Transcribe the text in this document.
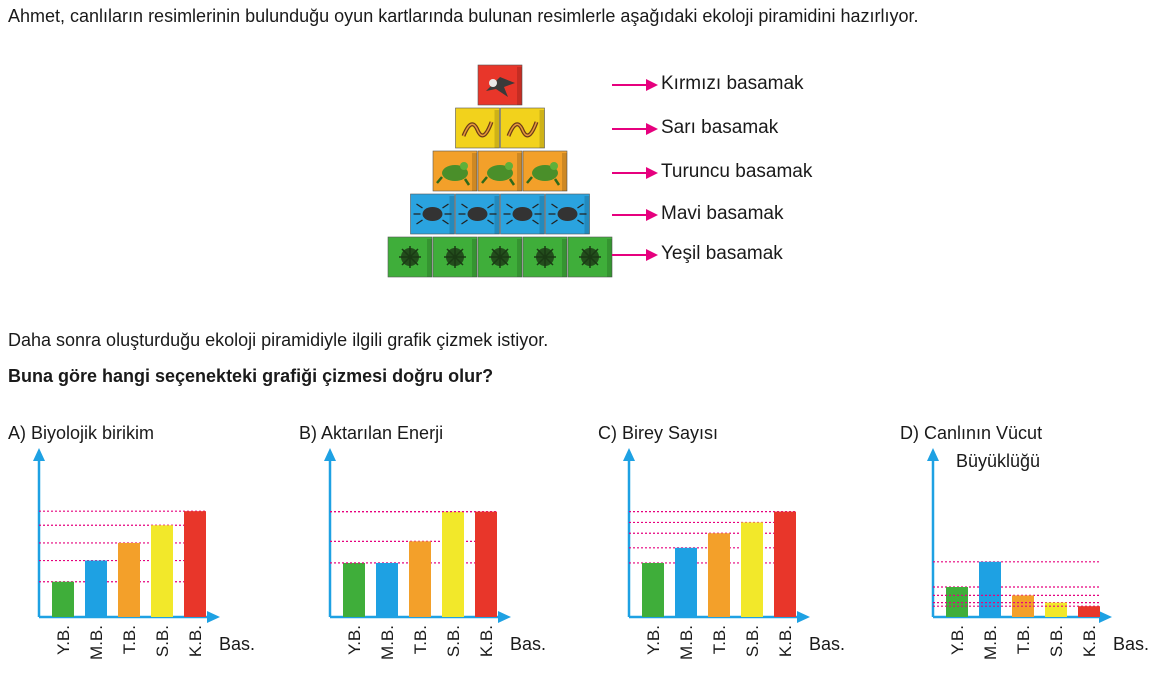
Ahmet, canlıların resimlerinin bulunduğu oyun kartlarında bulunan resimlerle aşağıdaki ekoloji piramidini hazırlıyor.
Kırmızı basamak
Sarı basamak
Turuncu basamak
Mavi basamak
Yeşil basamak
Daha sonra oluşturduğu ekoloji piramidiyle ilgili grafik çizmek istiyor.
Buna göre hangi seçenekteki grafiği çizmesi doğru olur?
A) Biyolojik birikim
Y.B. M.B. T.B. S.B. K.B. Bas.
B) Aktarılan Enerji
Y.B. M.B. T.B. S.B. K.B. Bas.
C) Birey Sayısı
Y.B. M.B. T.B. S.B. K.B. Bas.
D) Canlının Vücut
Büyüklüğü
Y.B. M.B. T.B. S.B. K.B. Bas.
